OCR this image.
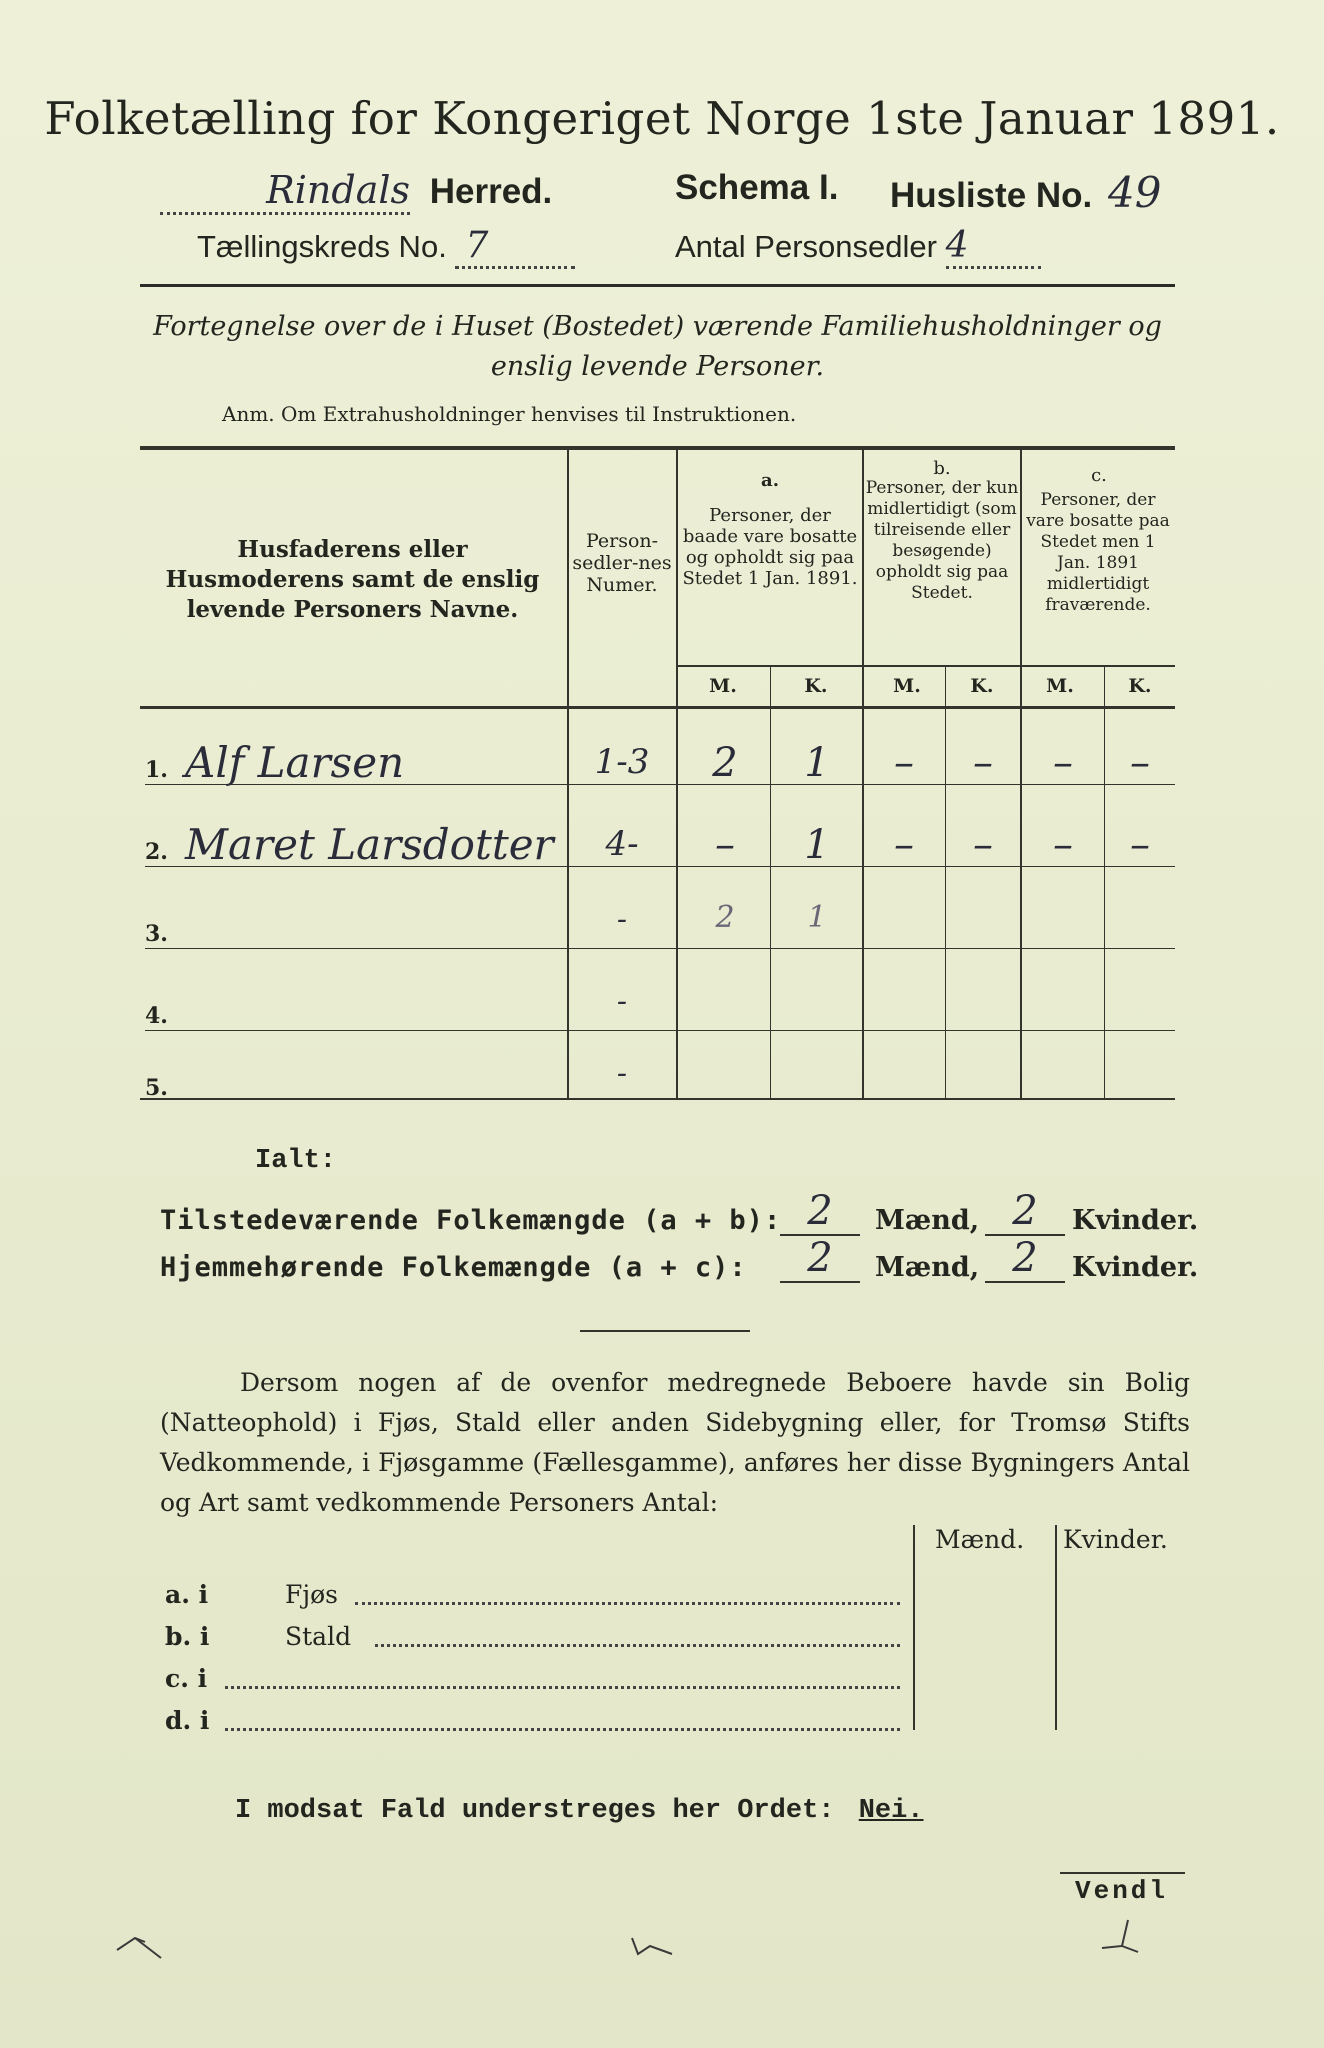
Folketælling for Kongeriget Norge 1ste Januar 1891.
Rindals Herred.	Schema I. Husliste No. 49
Tællingskreds No. 7	Antal Personsedler 4
Fortegnelse over de i Huset (Bostedet) værende Familiehusholdninger og enslig levende Personer.
Anm. Om Extrahusholdninger henvises til Instruktionen.
Husfaderens eller Husmoderens samt de enslig levende Personers Navne.
Person-sedler-nes Numer.
a.
Personer, der baade vare bosatte og opholdt sig paa Stedet 1 Jan. 1891.
b.
Personer, der kun midlertidigt (som tilreisende eller besøgende) opholdt sig paa Stedet.
c.
Personer, der vare bosatte paa Stedet men 1 Jan. 1891 midlertidigt fraværende.
M.	K.	M.	K.	M.	K.
1. Alf Larsen	1-3	2	1	–	–	–	–
2. Maret Larsdotter	4-	–	1	–	–	–	–
3.	-	2	1
4.	-
5.	-
Ialt:
Tilstedeværende Folkemængde (a + b): 2	Mænd, 2	Kvinder.
Hjemmehørende Folkemængde (a + c):	2	Mænd, 2	Kvinder.

Dersom nogen af de ovenfor medregnede Beboere havde sin Bolig (Natteophold) i Fjøs, Stald eller anden Sidebygning eller, for Tromsø Stifts Vedkommende, i Fjøsgamme (Fællesgamme), anføres her disse Bygningers Antal og Art samt vedkommende Personers Antal:

Mænd. Kvinder.
a. i	Fjøs
b. i	Stald
c. i
d. i
I modsat Fald understreges her Ordet: Nei.
Vendl
